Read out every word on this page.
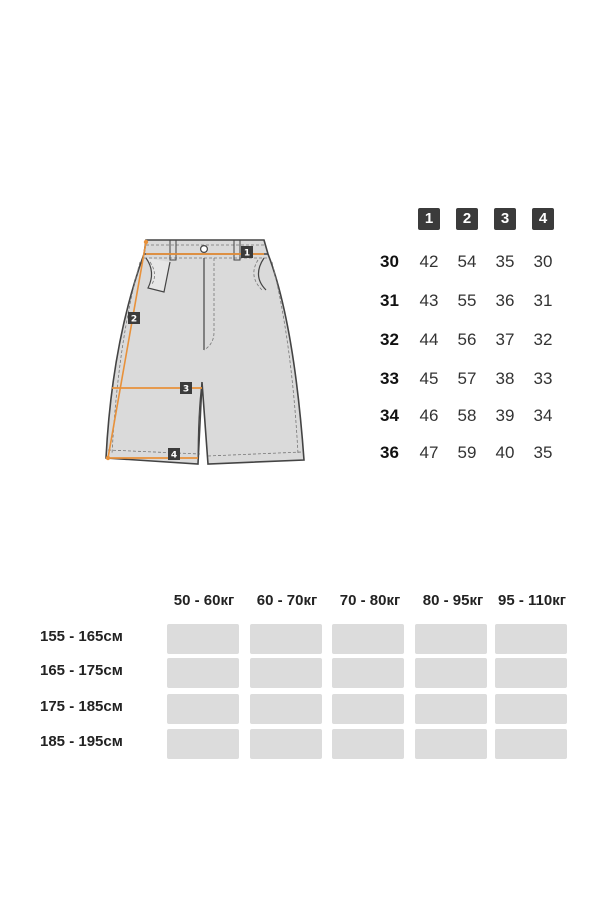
1
2
3
4
1	2	3	4
30	42	54	35	30
31	43	55	36	31
32	44	56	37	32
33	45	57	38	33
34	46	58	39	34
36	47	59	40	35
50 - 60кг	60 - 70кг	70 - 80кг	80 - 95кг 95 - 110кг
155 - 165см
165 - 175см
175 - 185см
185 - 195см
